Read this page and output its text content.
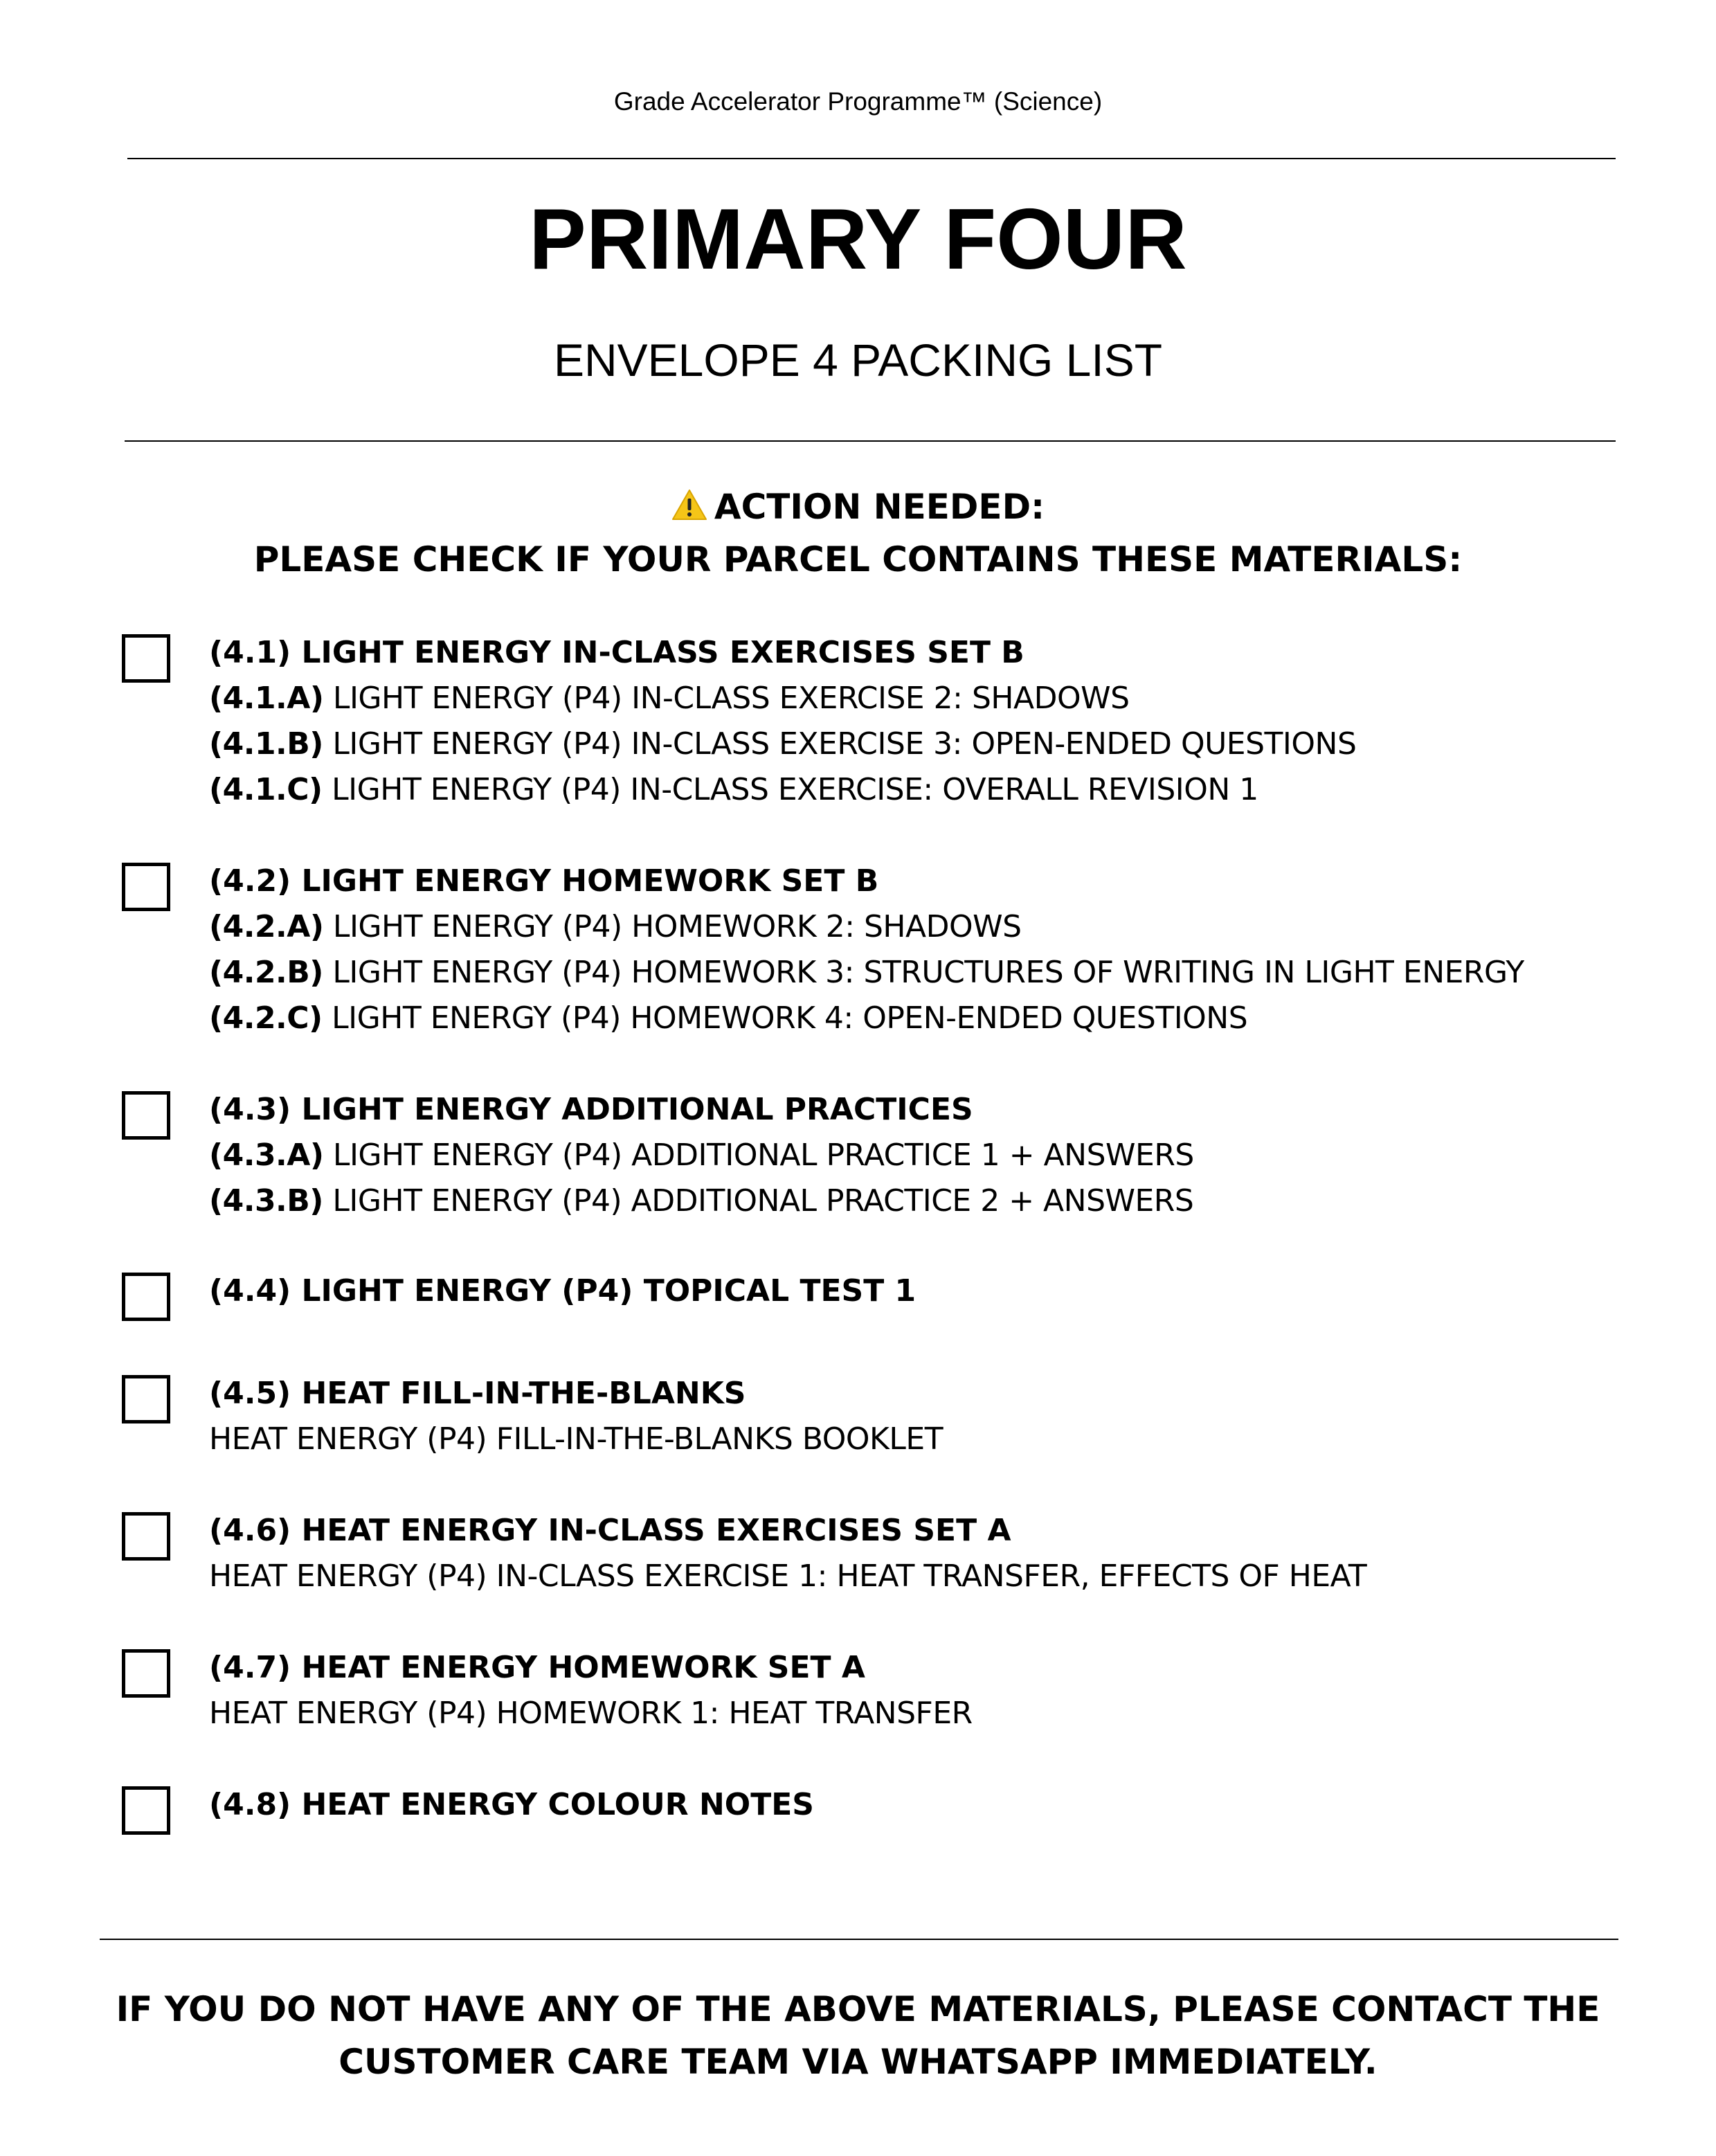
Grade Accelerator Programme™ (Science)
PRIMARY FOUR
ENVELOPE 4 PACKING LIST
ACTION NEEDED:
PLEASE CHECK IF YOUR PARCEL CONTAINS THESE MATERIALS:
(4.1) LIGHT ENERGY IN-CLASS EXERCISES SET B
(4.1.A) LIGHT ENERGY (P4) IN-CLASS EXERCISE 2: SHADOWS
(4.1.B) LIGHT ENERGY (P4) IN-CLASS EXERCISE 3: OPEN-ENDED QUESTIONS
(4.1.C) LIGHT ENERGY (P4) IN-CLASS EXERCISE: OVERALL REVISION 1
(4.2) LIGHT ENERGY HOMEWORK SET B
(4.2.A) LIGHT ENERGY (P4) HOMEWORK 2: SHADOWS
(4.2.B) LIGHT ENERGY (P4) HOMEWORK 3: STRUCTURES OF WRITING IN LIGHT ENERGY
(4.2.C) LIGHT ENERGY (P4) HOMEWORK 4: OPEN-ENDED QUESTIONS
(4.3) LIGHT ENERGY ADDITIONAL PRACTICES
(4.3.A) LIGHT ENERGY (P4) ADDITIONAL PRACTICE 1 + ANSWERS
(4.3.B) LIGHT ENERGY (P4) ADDITIONAL PRACTICE 2 + ANSWERS
(4.4) LIGHT ENERGY (P4) TOPICAL TEST 1
(4.5) HEAT FILL-IN-THE-BLANKS
HEAT ENERGY (P4) FILL-IN-THE-BLANKS BOOKLET
(4.6) HEAT ENERGY IN-CLASS EXERCISES SET A
HEAT ENERGY (P4) IN-CLASS EXERCISE 1: HEAT TRANSFER, EFFECTS OF HEAT
(4.7) HEAT ENERGY HOMEWORK SET A
HEAT ENERGY (P4) HOMEWORK 1: HEAT TRANSFER
(4.8) HEAT ENERGY COLOUR NOTES
IF YOU DO NOT HAVE ANY OF THE ABOVE MATERIALS, PLEASE CONTACT THE
CUSTOMER CARE TEAM VIA WHATSAPP IMMEDIATELY.
